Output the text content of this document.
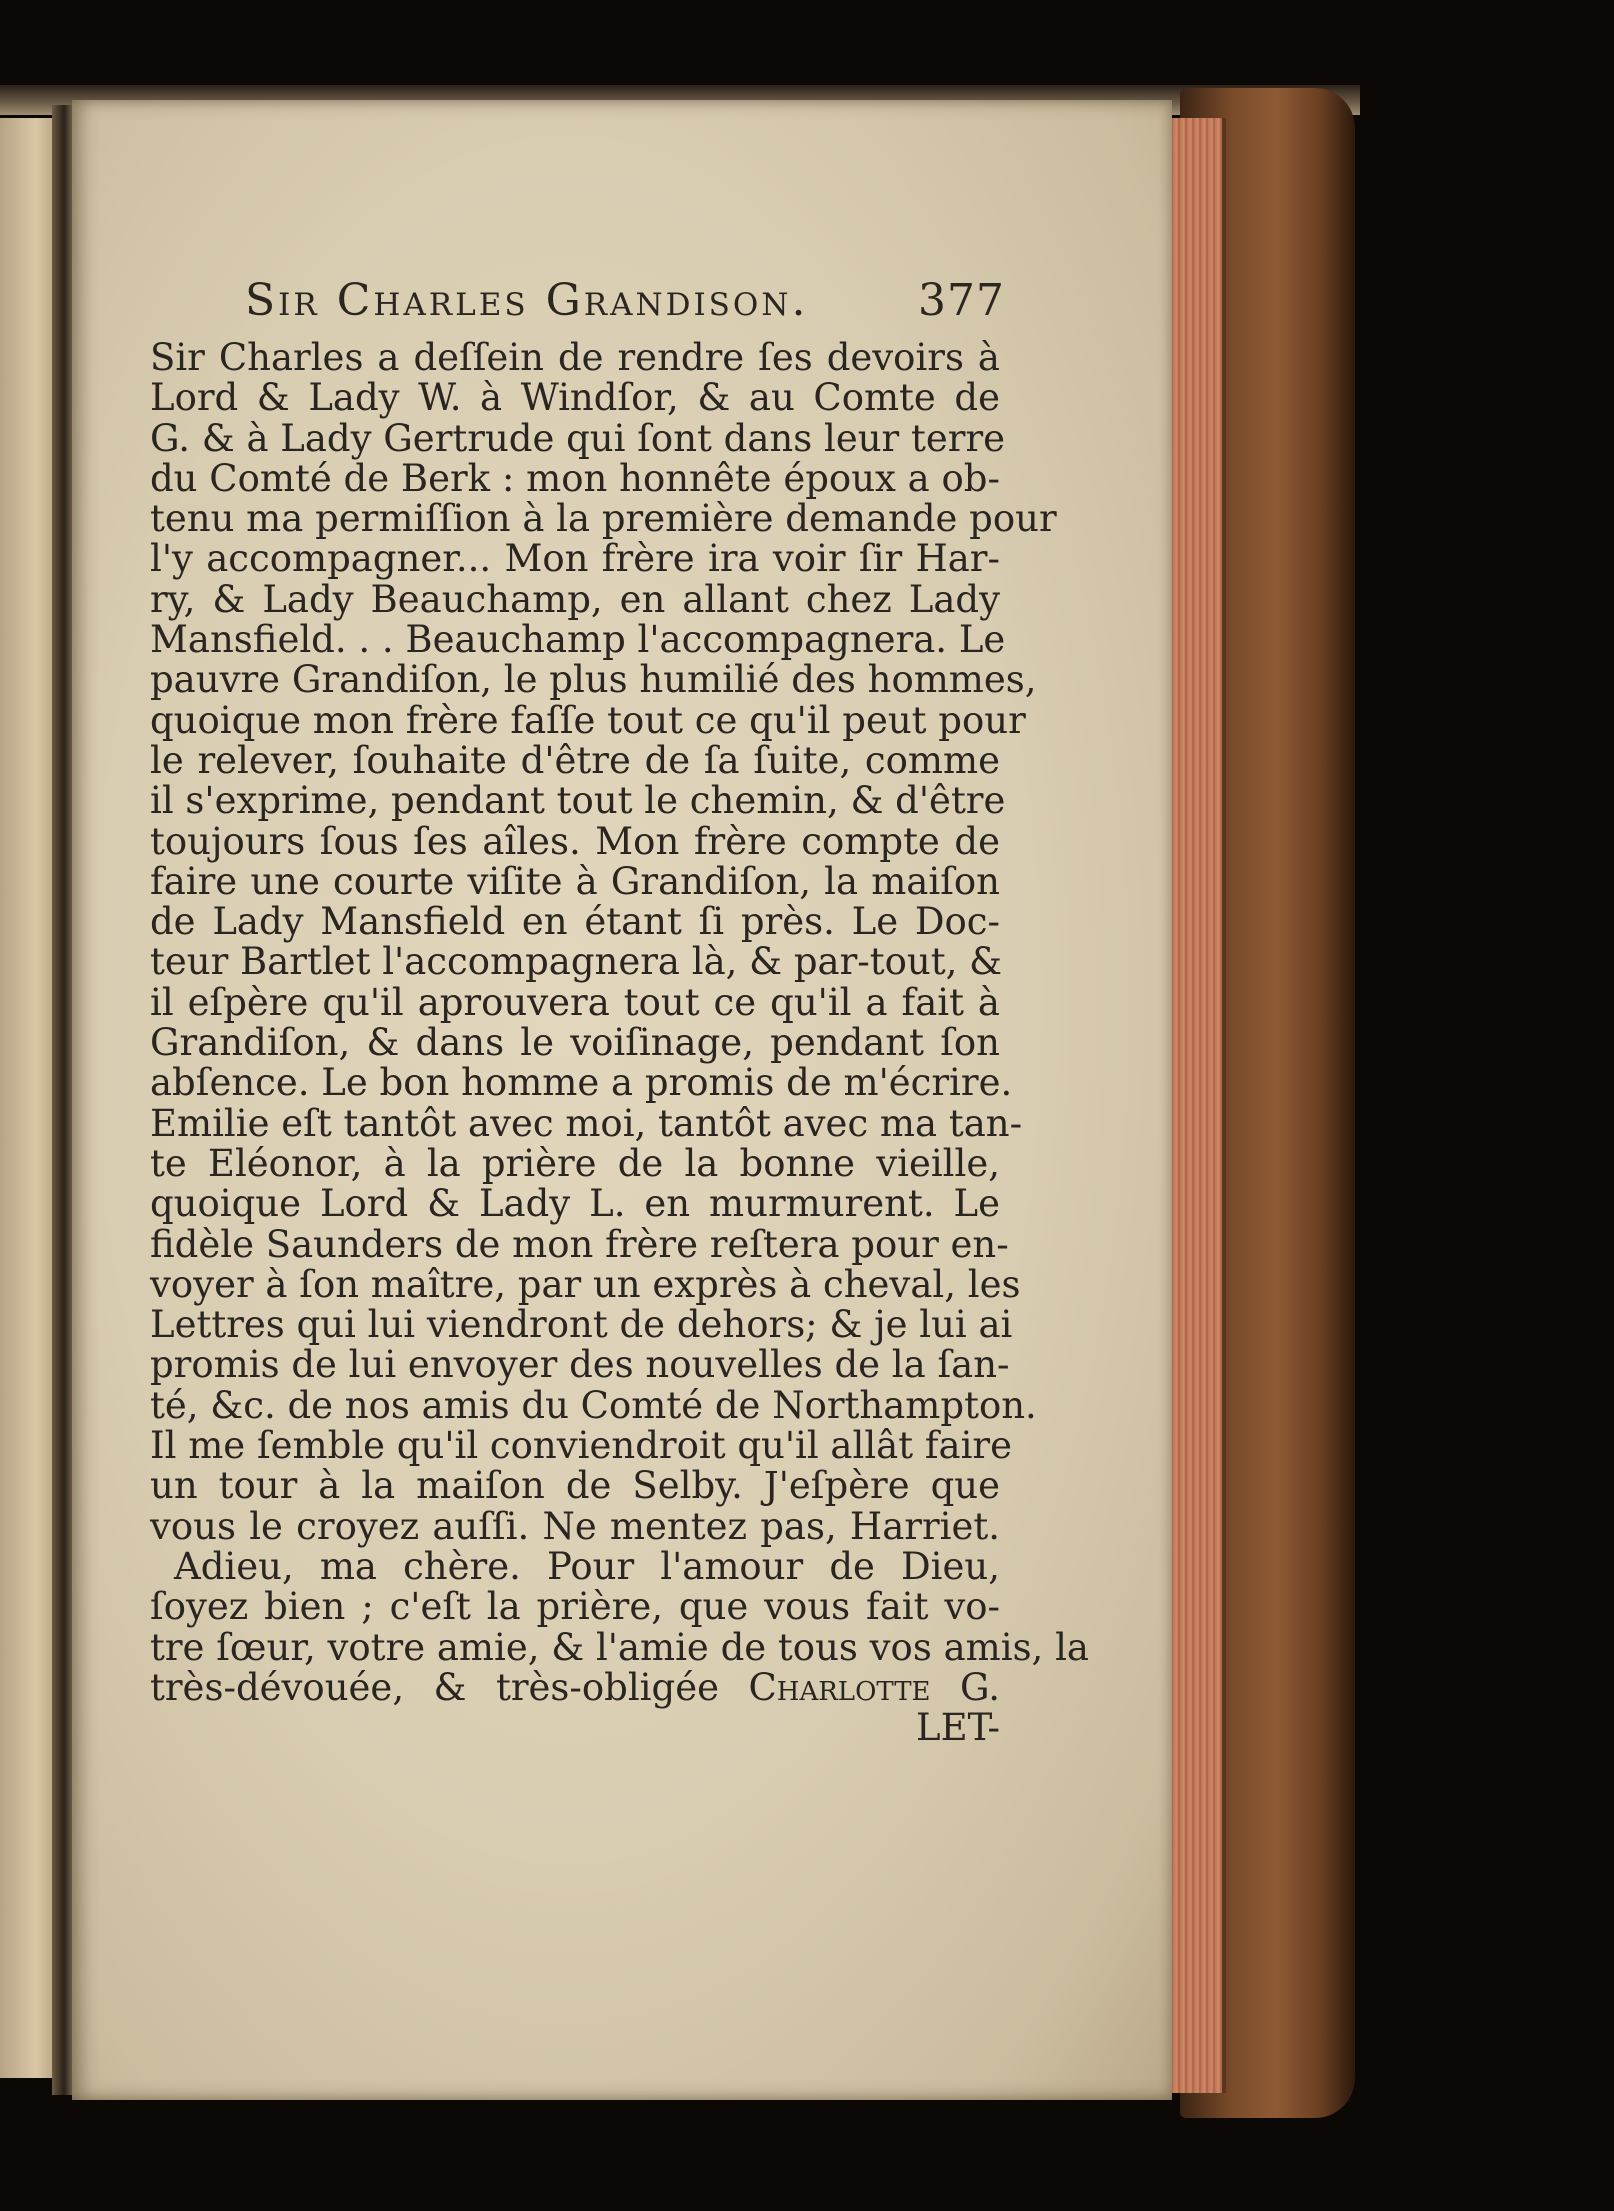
Sir Charles Grandison. 377
Sir Charles a deſſein de rendre ſes devoirs à
Lord & Lady W. à Windſor, & au Comte de
G. & à Lady Gertrude qui ſont dans leur terre
du Comté de Berk : mon honnête époux a ob-
tenu ma permiſſion à la première demande pour
l'y accompagner... Mon frère ira voir ſir Har-
ry, & Lady Beauchamp, en allant chez Lady
Mansfield. . . Beauchamp l'accompagnera. Le
pauvre Grandiſon, le plus humilié des hommes,
quoique mon frère faſſe tout ce qu'il peut pour
le relever, ſouhaite d'être de ſa ſuite, comme
il s'exprime, pendant tout le chemin, & d'être
toujours ſous ſes aîles. Mon frère compte de
faire une courte viſite à Grandiſon, la maiſon
de Lady Mansfield en étant ſi près. Le Doc-
teur Bartlet l'accompagnera là, & par-tout, &
il eſpère qu'il aprouvera tout ce qu'il a fait à
Grandiſon, & dans le voiſinage, pendant ſon
abſence. Le bon homme a promis de m'écrire.
Emilie eſt tantôt avec moi, tantôt avec ma tan-
te Eléonor, à la prière de la bonne vieille,
quoique Lord & Lady L. en murmurent. Le
fidèle Saunders de mon frère reſtera pour en-
voyer à ſon maître, par un exprès à cheval, les
Lettres qui lui viendront de dehors; & je lui ai
promis de lui envoyer des nouvelles de la ſan-
té, &c. de nos amis du Comté de Northampton.
Il me ſemble qu'il conviendroit qu'il allât faire
un tour à la maiſon de Selby. J'eſpère que
vous le croyez auſſi. Ne mentez pas, Harriet.
Adieu, ma chère. Pour l'amour de Dieu,
ſoyez bien ; c'eſt la prière, que vous fait vo-
tre ſœur, votre amie, & l'amie de tous vos amis, la
très-dévouée, & très-obligée Charlotte G.
LET-
